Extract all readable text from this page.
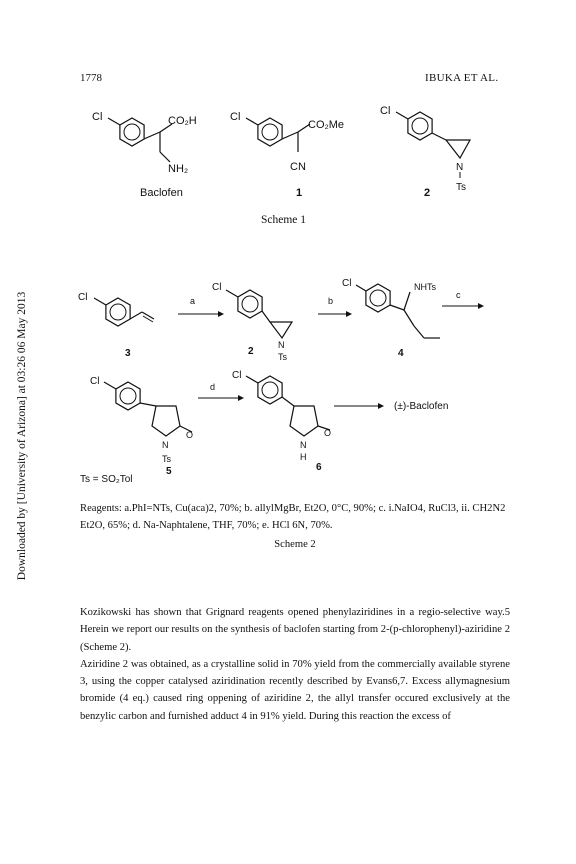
1778	IBUKA ET AL.
Downloaded by [University of Arizona] at 03:26 06 May 2013
Cl	CO₂H
NH₂
Baclofen
Cl
CO₂Me
CN
1
Cl
N
Ts
2
Scheme 1
Cl
3
a
Cl
N
Ts
2
b
Cl	NHTs
4
c
Cl
O
N
Ts
5
d
Cl
O
N
H
6
(±)-Baclofen
Ts = SO₂Tol
Reagents: a.PhI=NTs, Cu(aca)2, 70%; b. allylMgBr, Et2O, 0°C, 90%; c. i.NaIO4, RuCl3, ii. CH2N2 Et2O, 65%; d. Na-Naphtalene, THF, 70%; e. HCl 6N, 70%.
Scheme 2

Kozikowski has shown that Grignard reagents opened phenylaziridines in a regio-selective way.5 Herein we report our results on the synthesis of baclofen starting from 2-(p-chlorophenyl)-aziridine 2 (Scheme 2).

Aziridine 2 was obtained, as a crystalline solid in 70% yield from the commercially available styrene 3, using the copper catalysed aziridination recently described by Evans6,7. Excess allymagnesium bromide (4 eq.) caused ring oppening of aziridine 2, the allyl transfer occured exclusively at the benzylic carbon and furnished adduct 4 in 91% yield. During this reaction the excess of
